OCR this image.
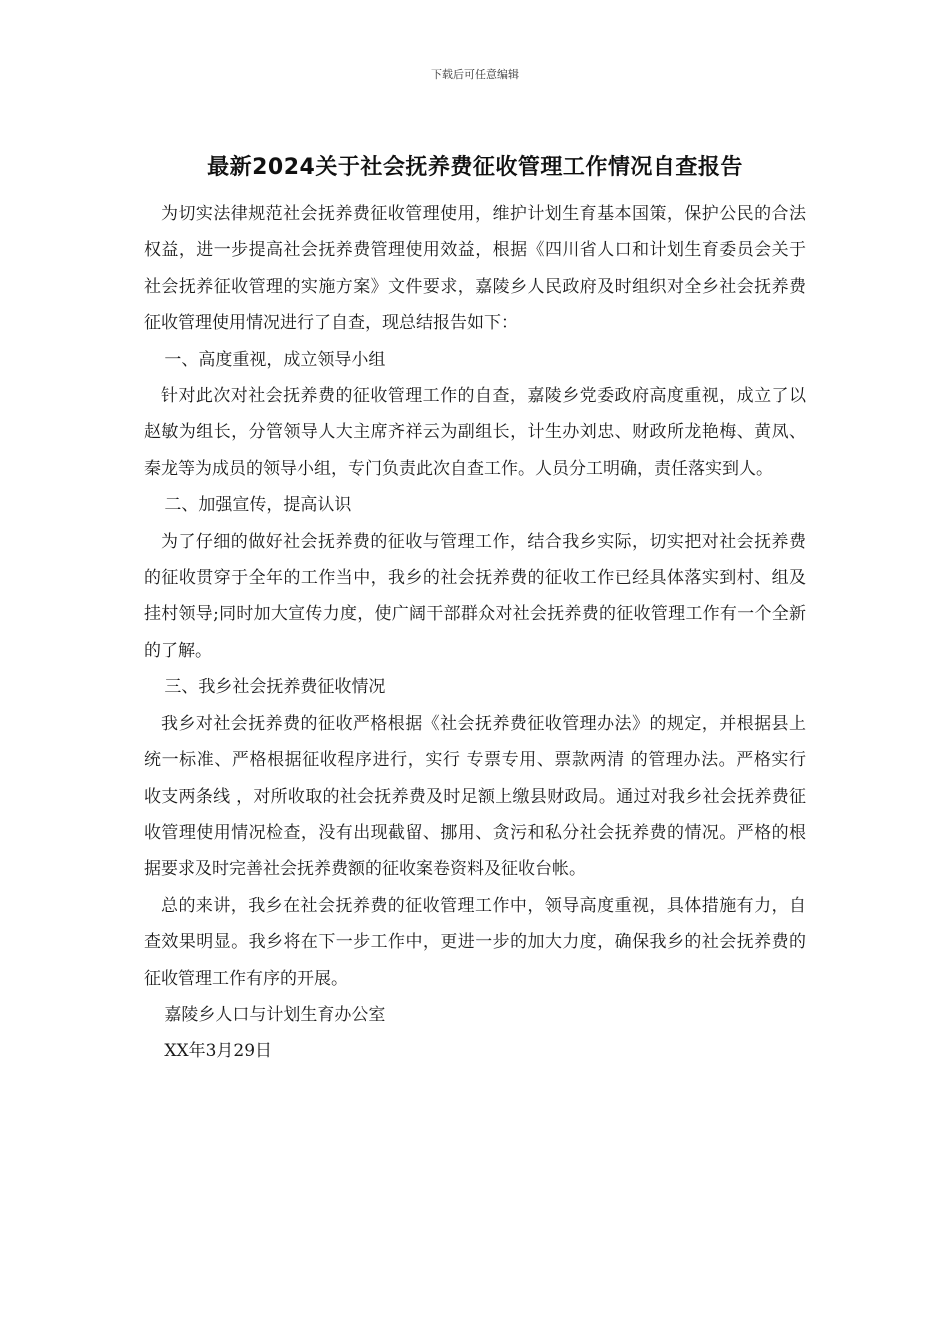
下载后可任意编辑
最新2024关于社会抚养费征收管理工作情况自查报告

为切实法律规范社会抚养费征收管理使用，维护计划生育基本国策，保护公民的合法权益，进一步提高社会抚养费管理使用效益，根据《四川省人口和计划生育委员会关于社会抚养征收管理的实施方案》文件要求，嘉陵乡人民政府及时组织对全乡社会抚养费征收管理使用情况进行了自查，现总结报告如下：

一、高度重视，成立领导小组

针对此次对社会抚养费的征收管理工作的自查，嘉陵乡党委政府高度重视，成立了以赵敏为组长，分管领导人大主席齐祥云为副组长，计生办刘忠、财政所龙艳梅、黄凤、秦龙等为成员的领导小组，专门负责此次自查工作。人员分工明确，责任落实到人。

二、加强宣传，提高认识

为了仔细的做好社会抚养费的征收与管理工作，结合我乡实际，切实把对社会抚养费的征收贯穿于全年的工作当中，我乡的社会抚养费的征收工作已经具体落实到村、组及挂村领导;同时加大宣传力度，使广阔干部群众对社会抚养费的征收管理工作有一个全新的了解。

三、我乡社会抚养费征收情况

我乡对社会抚养费的征收严格根据《社会抚养费征收管理办法》的规定，并根据县上统一标准、严格根据征收程序进行，实行 专票专用、票款两清 的管理办法。严格实行 收支两条线 ，对所收取的社会抚养费及时足额上缴县财政局。通过对我乡社会抚养费征收管理使用情况检查，没有出现截留、挪用、贪污和私分社会抚养费的情况。严格的根据要求及时完善社会抚养费额的征收案卷资料及征收台帐。

总的来讲，我乡在社会抚养费的征收管理工作中，领导高度重视，具体措施有力，自查效果明显。我乡将在下一步工作中，更进一步的加大力度，确保我乡的社会抚养费的征收管理工作有序的开展。

嘉陵乡人口与计划生育办公室

XX年3月29日
